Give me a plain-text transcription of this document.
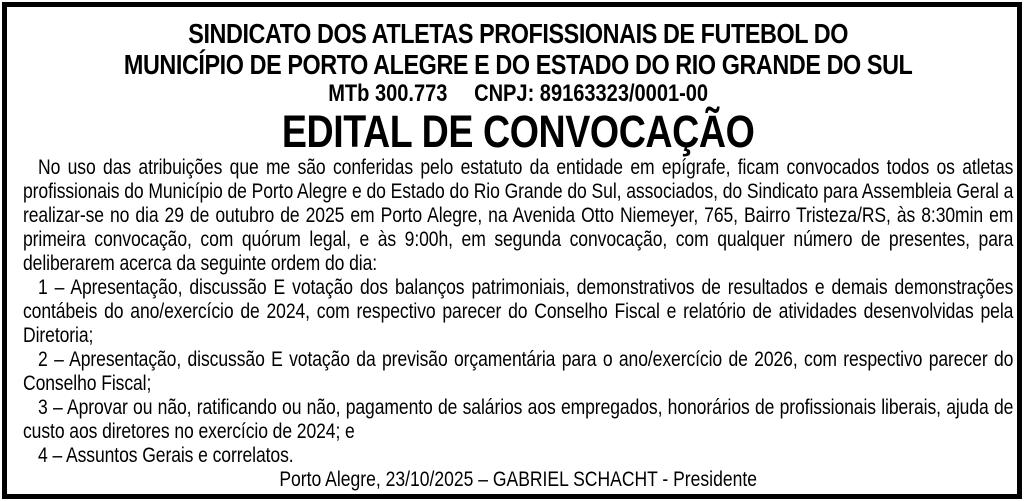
SINDICATO DOS ATLETAS PROFISSIONAIS DE FUTEBOL DO
MUNICÍPIO DE PORTO ALEGRE E DO ESTADO DO RIO GRANDE DO SUL
MTb 300.773 CNPJ: 89163323/0001-00
EDITAL DE CONVOCAÇÃO

No uso das atribuições que me são conferidas pelo estatuto da entidade em epígrafe, ficam convocados todos os atletas profissionais do Município de Porto Alegre e do Estado do Rio Grande do Sul, associados, do Sindicato para Assembleia Geral a realizar-se no dia 29 de outubro de 2025 em Porto Alegre, na Avenida Otto Niemeyer, 765, Bairro Tristeza/RS, às 8:30min em primeira convocação, com quórum legal, e às 9:00h, em segunda convocação, com qualquer número de presentes, para deliberarem acerca da seguinte ordem do dia:

1 – Apresentação, discussão E votação dos balanços patrimoniais, demonstrativos de resultados e demais demonstrações contábeis do ano/exercício de 2024, com respectivo parecer do Conselho Fiscal e relatório de atividades desenvolvidas pela Diretoria;

2 – Apresentação, discussão E votação da previsão orçamentária para o ano/exercício de 2026, com respectivo parecer do Conselho Fiscal;

3 – Aprovar ou não, ratificando ou não, pagamento de salários aos empregados, honorários de profissionais liberais, ajuda de custo aos diretores no exercício de 2024; e

4 – Assuntos Gerais e correlatos.

Porto Alegre, 23/10/2025 – GABRIEL SCHACHT - Presidente
